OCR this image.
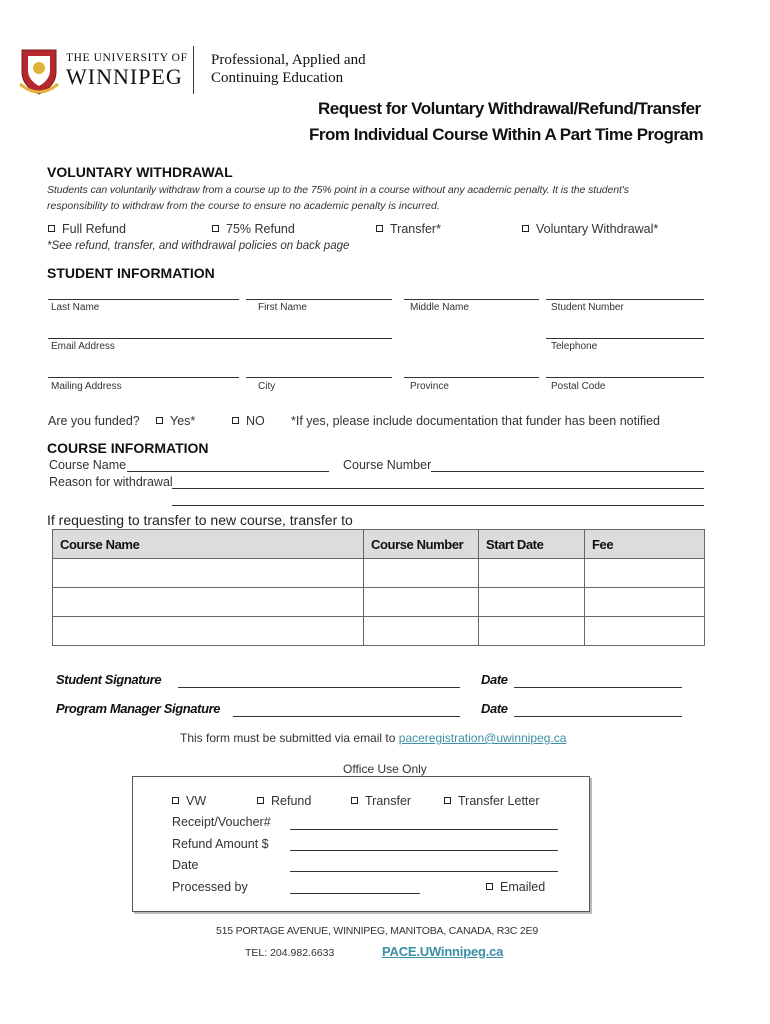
THE UNIVERSITY OF
WINNIPEG
Professional, Applied and
Continuing Education
Request for Voluntary Withdrawal/Refund/Transfer
From Individual Course Within A Part Time Program
VOLUNTARY WITHDRAWAL
Students can voluntarily withdraw from a course up to the 75% point in a course without any academic penalty. It is the student's
responsibility to withdraw from the course to ensure no academic penalty is incurred.
Full Refund	75% Refund	Transfer*	Voluntary Withdrawal*
*See refund, transfer, and withdrawal policies on back page
STUDENT INFORMATION
Last Name	First Name	Middle Name	Student Number
Email Address	Telephone
Mailing Address	City	Province	Postal Code
Are you funded?	Yes*	NO *If yes, please include documentation that funder has been notified
COURSE INFORMATION
Course Name	Course Number
Reason for withdrawal
If requesting to transfer to new course, transfer to
Course Name	Course Number	Start Date	Fee

Student Signature	Date
Program Manager Signature	Date
This form must be submitted via email to paceregistration@uwinnipeg.ca
Office Use Only
VW	Refund	Transfer	Transfer Letter
Receipt/Voucher#
Refund Amount $
Date
Processed by	Emailed
515 PORTAGE AVENUE, WINNIPEG, MANITOBA, CANADA, R3C 2E9
TEL: 204.982.6633	PACE.UWinnipeg.ca
